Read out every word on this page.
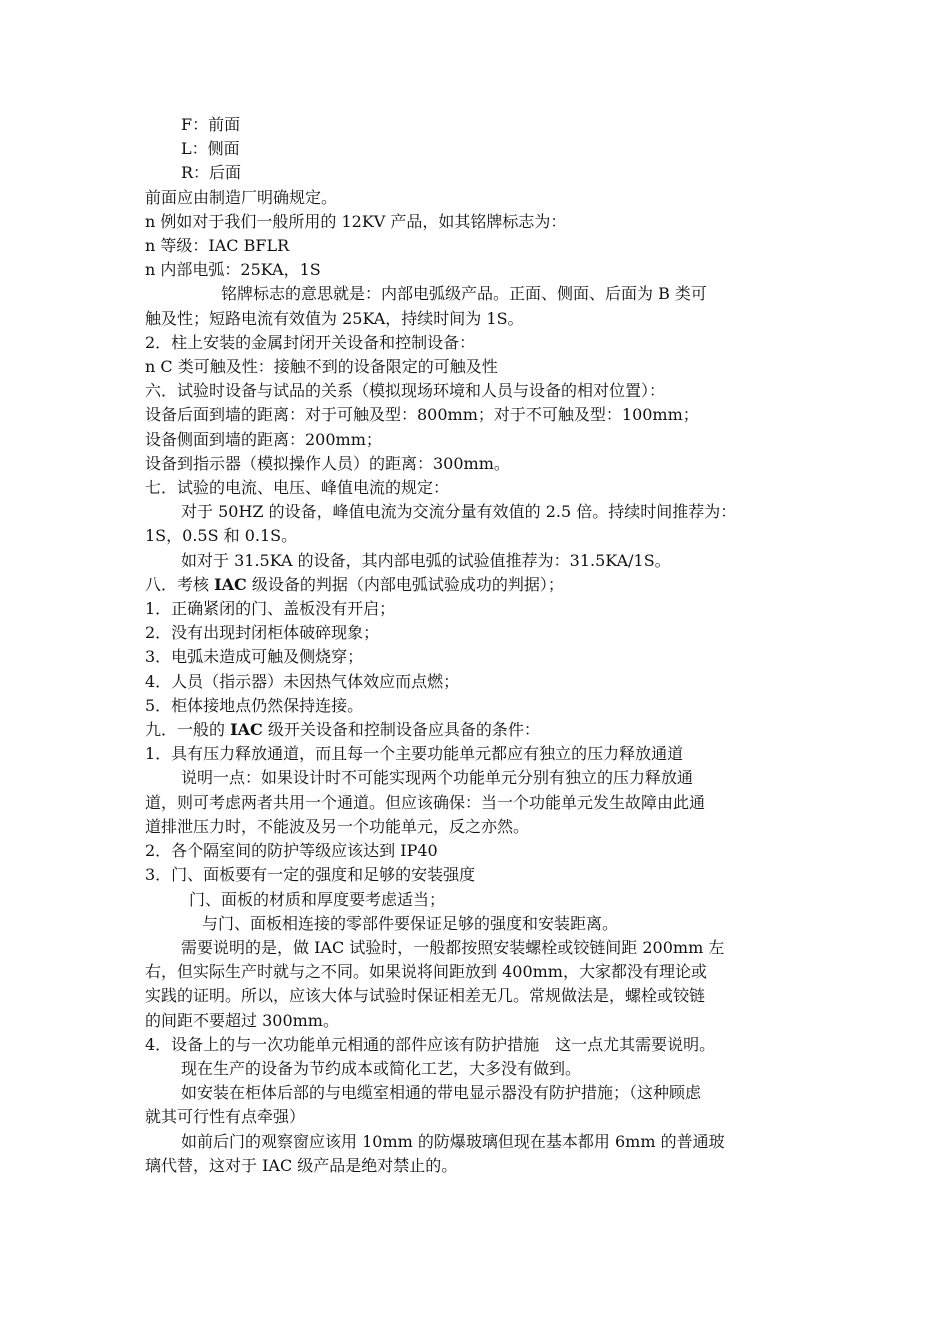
F：前面
L：侧面
R：后面
前面应由制造厂明确规定。
n 例如对于我们一般所用的 12KV 产品，如其铭牌标志为：
n 等级：IAC BFLR
n 内部电弧：25KA，1S
铭牌标志的意思就是：内部电弧级产品。正面、侧面、后面为 B 类可
触及性；短路电流有效值为 25KA，持续时间为 1S。
2．柱上安装的金属封闭开关设备和控制设备：
n C 类可触及性：接触不到的设备限定的可触及性
六．试验时设备与试品的关系（模拟现场环境和人员与设备的相对位置）：
设备后面到墙的距离：对于可触及型：800mm；对于不可触及型：100mm；
设备侧面到墙的距离：200mm；
设备到指示器（模拟操作人员）的距离：300mm。
七．试验的电流、电压、峰值电流的规定：
对于 50HZ 的设备，峰值电流为交流分量有效值的 2.5 倍。持续时间推荐为：
1S，0.5S 和 0.1S。
如对于 31.5KA 的设备，其内部电弧的试验值推荐为：31.5KA/1S。
八．考核 IAC 级设备的判据（内部电弧试验成功的判据）；
1．正确紧闭的门、盖板没有开启；
2．没有出现封闭柜体破碎现象；
3．电弧未造成可触及侧烧穿；
4．人员（指示器）未因热气体效应而点燃；
5．柜体接地点仍然保持连接。
九．一般的 IAC 级开关设备和控制设备应具备的条件：
1．具有压力释放通道，而且每一个主要功能单元都应有独立的压力释放通道
说明一点：如果设计时不可能实现两个功能单元分别有独立的压力释放通
道，则可考虑两者共用一个通道。但应该确保：当一个功能单元发生故障由此通
道排泄压力时，不能波及另一个功能单元，反之亦然。
2．各个隔室间的防护等级应该达到 IP40
3．门、面板要有一定的强度和足够的安装强度
门、面板的材质和厚度要考虑适当；
与门、面板相连接的零部件要保证足够的强度和安装距离。
需要说明的是，做 IAC 试验时，一般都按照安装螺栓或铰链间距 200mm 左
右，但实际生产时就与之不同。如果说将间距放到 400mm，大家都没有理论或
实践的证明。所以，应该大体与试验时保证相差无几。常规做法是，螺栓或铰链
的间距不要超过 300mm。
4．设备上的与一次功能单元相通的部件应该有防护措施　这一点尤其需要说明。
现在生产的设备为节约成本或简化工艺，大多没有做到。
如安装在柜体后部的与电缆室相通的带电显示器没有防护措施；（这种顾虑
就其可行性有点牵强）
如前后门的观察窗应该用 10mm 的防爆玻璃但现在基本都用 6mm 的普通玻
璃代替，这对于 IAC 级产品是绝对禁止的。
